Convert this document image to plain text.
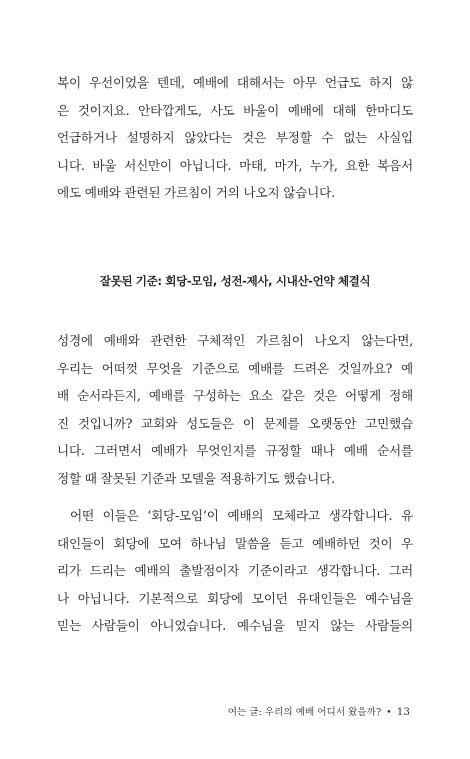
복이 우선이었을 텐데, 예배에 대해서는 아무 언급도 하지 않
은 것이지요. 안타깝게도, 사도 바울이 예배에 대해 한마디도
언급하거나 설명하지 않았다는 것은 부정할 수 없는 사실입
니다. 바울 서신만이 아닙니다. 마태, 마가, 누가, 요한 복음서
에도 예배와 관련된 가르침이 거의 나오지 않습니다.

잘못된 기준: 회당-모임, 성전-제사, 시내산-언약 체결식

성경에 예배와 관련한 구체적인 가르침이 나오지 않는다면,
우리는 어떠껏 무엇을 기준으로 예배를 드려온 것일까요? 예
배 순서라든지, 예배를 구성하는 요소 같은 것은 어떻게 정해
진 것입니까? 교회와 성도들은 이 문제를 오랫동안 고민했습
니다. 그러면서 예배가 무엇인지를 규정할 때나 예배 순서를
정할 때 잘못된 기준과 모델을 적용하기도 했습니다.

어떤 이들은 ‘회당-모임’이 예배의 모체라고 생각합니다. 유
대인들이 회당에 모여 하나님 말씀을 듣고 예배하던 것이 우
리가 드리는 예배의 출발점이자 기준이라고 생각합니다. 그러
나 아닙니다. 기본적으로 회당에 모이던 유대인들은 예수님을
믿는 사람들이 아니었습니다. 예수님을 믿지 않는 사람들의

여는 글: 우리의 예배 어디서 왔을까? • 13
